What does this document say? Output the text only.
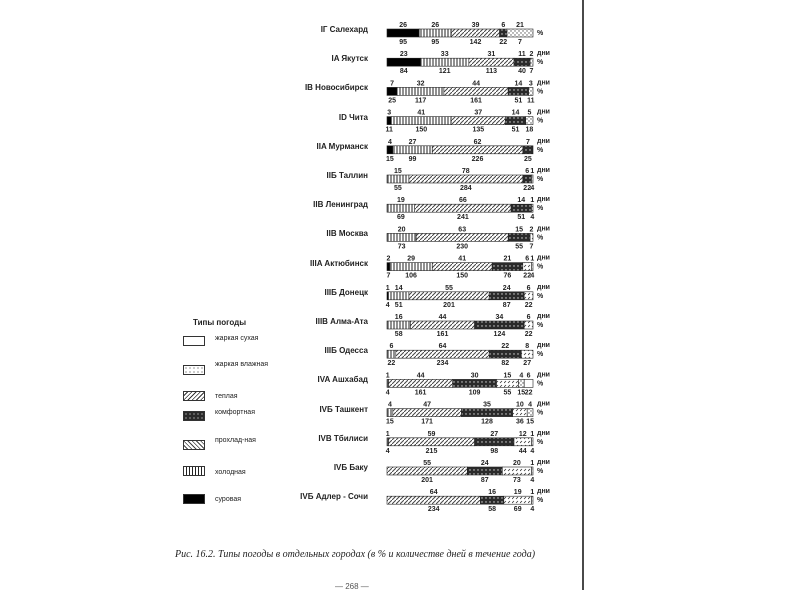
26
95
26
95
39
142
6
22
21
7
%
23
84
33
121
31
113
11
40
2
7
дни
%
7
25
32
117
44
161
14
51
3
11
дни
%
3
11
41
150
37
135
14
51
5
18
дни
%
4
15
27
99
62
226
7
25
дни
%
15
55
78
284
6
22
1
4
дни
%
19
69
66
241
14
51
1
4
дни
%
20
73
63
230
15
55
2
7
дни
%
2
7
29
106
41
150
21
76
6
22
1
4
дни
%
1
4
14
51
55
201
24
87
6
22
дни
%
16
58
44
161
34
124
6
22
дни
%
6
22
64
234
22
82
8
27
дни
%
1
4
44
161
30
109
15
55
4
15
6
22
дни
%
4
15
47
171
35
128
10
36
4
15
дни
%
1
4
59
215
27
98
12
44
1
4
дни
%
55
201
24
87
20
73
1
4
дни
%
64
234
16
58
19
69
1
4
дни
%
Типы погоды
жаркая сухая
жаркая влажная
теплая
комфортная
прохлад-ная
холодная
суровая
Рис. 16.2. Типы погоды в отдельных городах (в % и количестве дней в течение года)
— 268 —
IГ Салехард
IA Якутск
IB Новосибирск
ID Чита
IIA Мурманск
IIБ Таллин
IIB Ленинград
IIB Москва
IIIA Актюбинск
IIIБ Донецк
IIIB Алма-Ата
IIIБ Одесса
IVA Ашхабад
IVБ Ташкент
IVB Тбилиси
IVБ Баку
IVБ Адлер - Сочи
